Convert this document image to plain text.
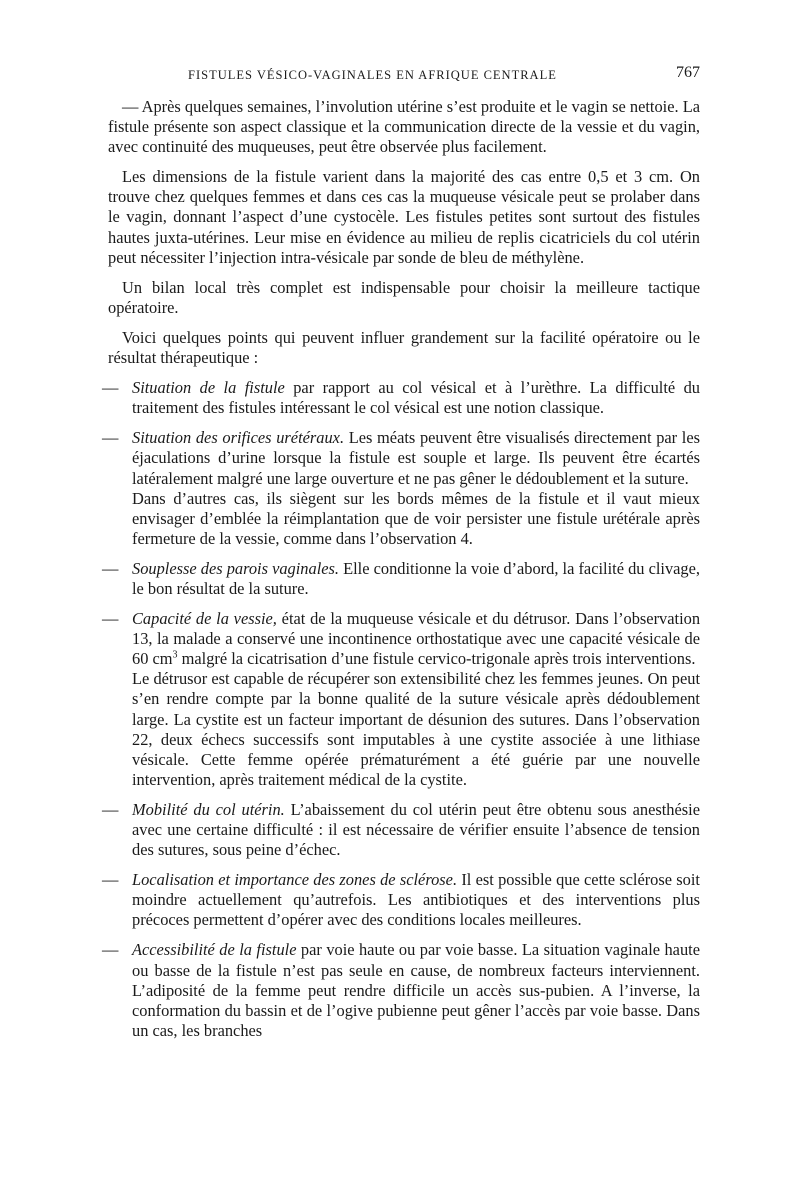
FISTULES VÉSICO-VAGINALES EN AFRIQUE CENTRALE	767

— Après quelques semaines, l’involution utérine s’est produite et le vagin se nettoie. La fistule présente son aspect classique et la communication directe de la vessie et du vagin, avec continuité des muqueuses, peut être observée plus facilement.

Les dimensions de la fistule varient dans la majorité des cas entre 0,5 et 3 cm. On trouve chez quelques femmes et dans ces cas la muqueuse vésicale peut se prolaber dans le vagin, donnant l’aspect d’une cystocèle. Les fistules petites sont surtout des fistules hautes juxta-utérines. Leur mise en évidence au milieu de replis cicatriciels du col utérin peut nécessiter l’injection intra-vésicale par sonde de bleu de méthylène.

Un bilan local très complet est indispensable pour choisir la meilleure tactique opératoire.

Voici quelques points qui peuvent influer grandement sur la facilité opératoire ou le résultat thérapeutique :

— Situation de la fistule par rapport au col vésical et à l’urèthre. La difficulté du traitement des fistules intéressant le col vésical est une notion classique.
— Situation des orifices urétéraux. Les méats peuvent être visualisés directement par les éjaculations d’urine lorsque la fistule est souple et large. Ils peuvent être écartés latéralement malgré une large ouverture et ne pas gêner le dédoublement et la suture.
Dans d’autres cas, ils siègent sur les bords mêmes de la fistule et il vaut mieux envisager d’emblée la réimplantation que de voir persister une fistule urétérale après fermeture de la vessie, comme dans l’observation 4.
— Souplesse des parois vaginales. Elle conditionne la voie d’abord, la facilité du clivage, le bon résultat de la suture.
— Capacité de la vessie, état de la muqueuse vésicale et du détrusor. Dans l’observation 13, la malade a conservé une incontinence orthostatique avec une capacité vésicale de 60 $cm^3$ malgré la cicatrisation d’une fistule cervico-trigonale après trois interventions.
Le détrusor est capable de récupérer son extensibilité chez les femmes jeunes. On peut s’en rendre compte par la bonne qualité de la suture vésicale après dédoublement large. La cystite est un facteur important de désunion des sutures. Dans l’observation 22, deux échecs successifs sont imputables à une cystite associée à une lithiase vésicale. Cette femme opérée prématurément a été guérie par une nouvelle intervention, après traitement médical de la cystite.
— Mobilité du col utérin. L’abaissement du col utérin peut être obtenu sous anesthésie avec une certaine difficulté : il est nécessaire de vérifier ensuite l’absence de tension des sutures, sous peine d’échec.
— Localisation et importance des zones de sclérose. Il est possible que cette sclérose soit moindre actuellement qu’autrefois. Les antibiotiques et des interventions plus précoces permettent d’opérer avec des conditions locales meilleures.
— Accessibilité de la fistule par voie haute ou par voie basse. La situation vaginale haute ou basse de la fistule n’est pas seule en cause, de nombreux facteurs interviennent. L’adiposité de la femme peut rendre difficile un accès sus-pubien. A l’inverse, la conformation du bassin et de l’ogive pubienne peut gêner l’accès par voie basse. Dans un cas, les branches
